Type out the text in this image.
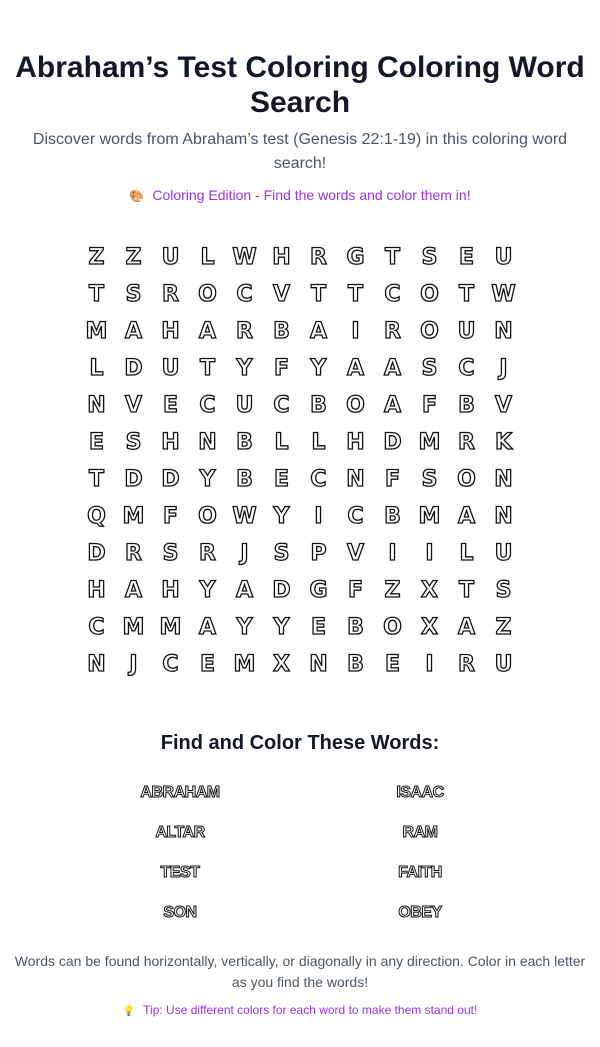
Abraham’s Test Coloring Coloring Word Search

Discover words from Abraham’s test (Genesis 22:1-19) in this coloring word search!

🎨 Coloring Edition - Find the words and color them in!
Z Z U L W H R G T S E U
T S R O C V T T C O T W
M A H A R B A	I	R O U N
L D U T Y F Y A A S C	J
N V E C U C B O A F B V
E S H N B L	L H D M R K
T D D Y B E C N F S O N
Q M F O W Y	I	C B M A N
D R S R	J	S P V	I	I	L U
H A H Y A D G F Z X T S
C M M A Y Y E B O X A Z
N	J	C E M X N B E	I	R U
Find and Color These Words:
ABRAHAM	ISAAC
ALTAR	RAM
TEST	FAITH
SON	OBEY
Words can be found horizontally, vertically, or diagonally in any direction. Color in each letter as you find the words!
💡 Tip: Use different colors for each word to make them stand out!
